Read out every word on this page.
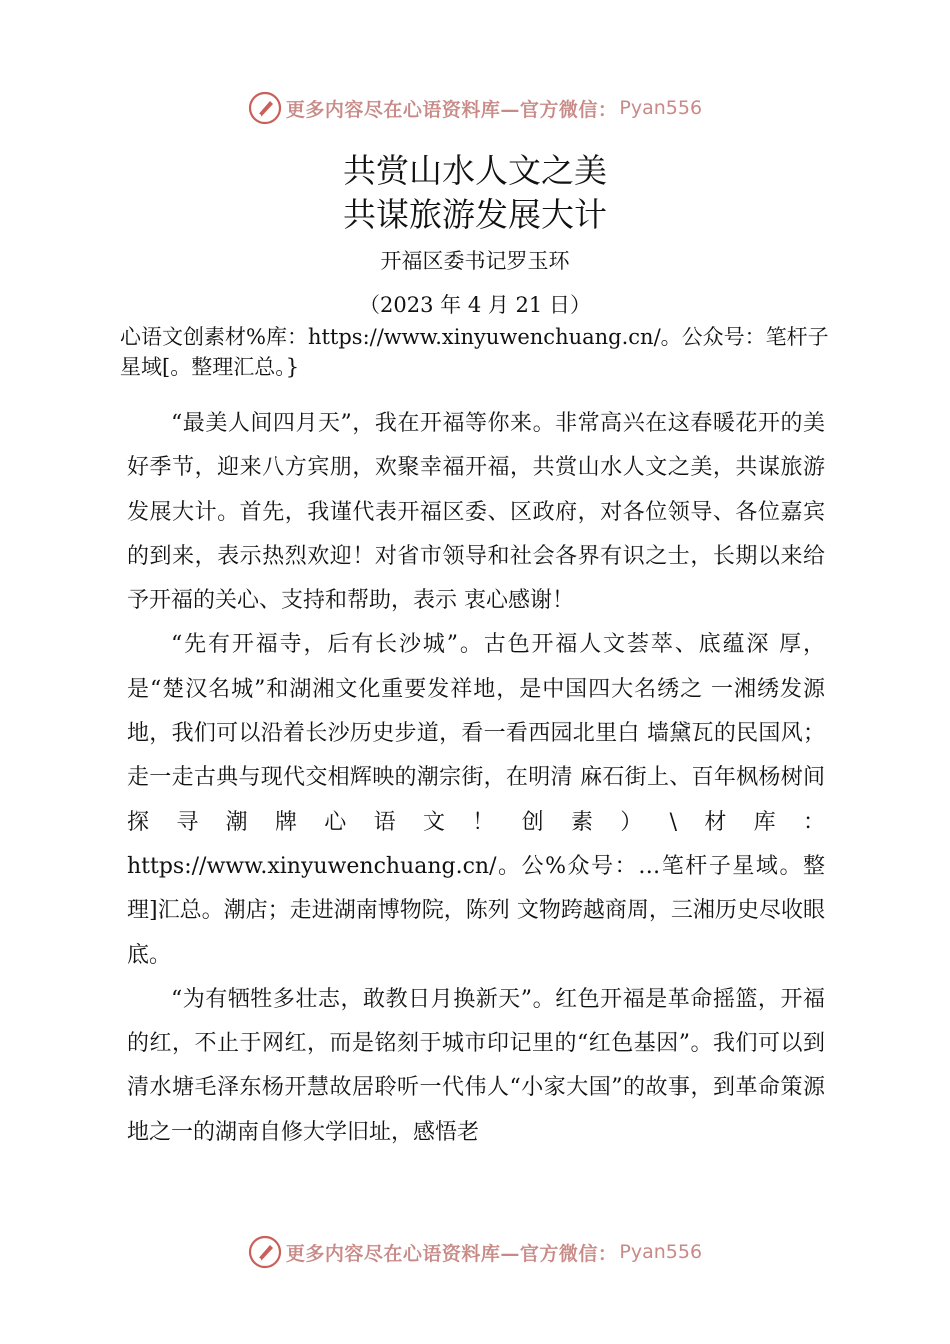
更多内容尽在心语资料库—官方微信： Pyan556
共赏山水人文之美
共谋旅游发展大计
开福区委书记罗玉环
（2023 年 4 月 21 日）

心语文创素材%库：https://www.xinyuwenchuang.cn/。公众号：笔杆子星域[。整理汇总。}

“最美人间四月天”，我在开福等你来。非常高兴在这春暖花开的美好季节，迎来八方宾朋，欢聚幸福开福，共赏山水人文之美，共谋旅游发展大计。首先，我谨代表开福区委、区政府，对各位领导、各位嘉宾的到来，表示热烈欢迎！对省市领导和社会各界有识之士，长期以来给予开福的关心、支持和帮助，表示 衷心感谢！

“先有开福寺，后有长沙城”。古色开福人文荟萃、底蕴深 厚，是“楚汉名城”和湖湘文化重要发祥地，是中国四大名绣之 一湘绣发源地，我们可以沿着长沙历史步道，看一看西园北里白 墙黛瓦的民国风；走一走古典与现代交相辉映的潮宗街，在明清 麻石街上、百年枫杨树间探寻潮牌心语文！创素）\材库：https://www.xinyuwenchuang.cn/。公%众号：…笔杆子星域。整理]汇总。潮店；走进湖南博物院，陈列 文物跨越商周，三湘历史尽收眼底。

“为有牺牲多壮志，敢教日月换新天”。红色开福是革命摇篮，开福的红，不止于网红，而是铭刻于城市印记里的“红色基因”。我们可以到清水塘毛泽东杨开慧故居聆听一代伟人“小家大国”的故事，到革命策源地之一的湖南自修大学旧址，感悟老

更多内容尽在心语资料库—官方微信： Pyan556
